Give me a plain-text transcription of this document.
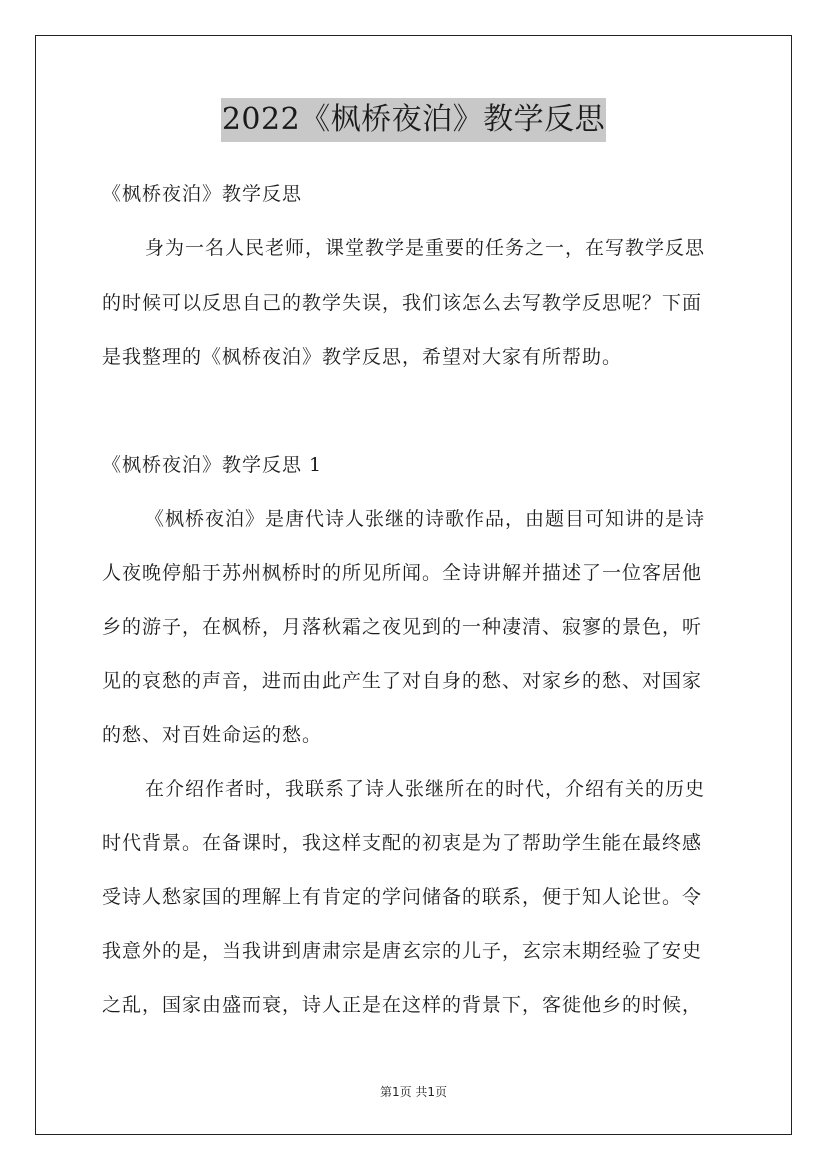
2022《枫桥夜泊》教学反思
《枫桥夜泊》教学反思
身为一名人民老师，课堂教学是重要的任务之一，在写教学反思
的时候可以反思自己的教学失误，我们该怎么去写教学反思呢？下面
是我整理的《枫桥夜泊》教学反思，希望对大家有所帮助。
《枫桥夜泊》教学反思 1
《枫桥夜泊》是唐代诗人张继的诗歌作品，由题目可知讲的是诗
人夜晚停船于苏州枫桥时的所见所闻。全诗讲解并描述了一位客居他
乡的游子，在枫桥，月落秋霜之夜见到的一种凄清、寂寥的景色，听
见的哀愁的声音，进而由此产生了对自身的愁、对家乡的愁、对国家
的愁、对百姓命运的愁。
在介绍作者时，我联系了诗人张继所在的时代，介绍有关的历史
时代背景。在备课时，我这样支配的初衷是为了帮助学生能在最终感
受诗人愁家国的理解上有肯定的学问储备的联系，便于知人论世。令
我意外的是，当我讲到唐肃宗是唐玄宗的儿子，玄宗末期经验了安史
之乱，国家由盛而衰，诗人正是在这样的背景下，客徙他乡的时候，
第1页 共1页
